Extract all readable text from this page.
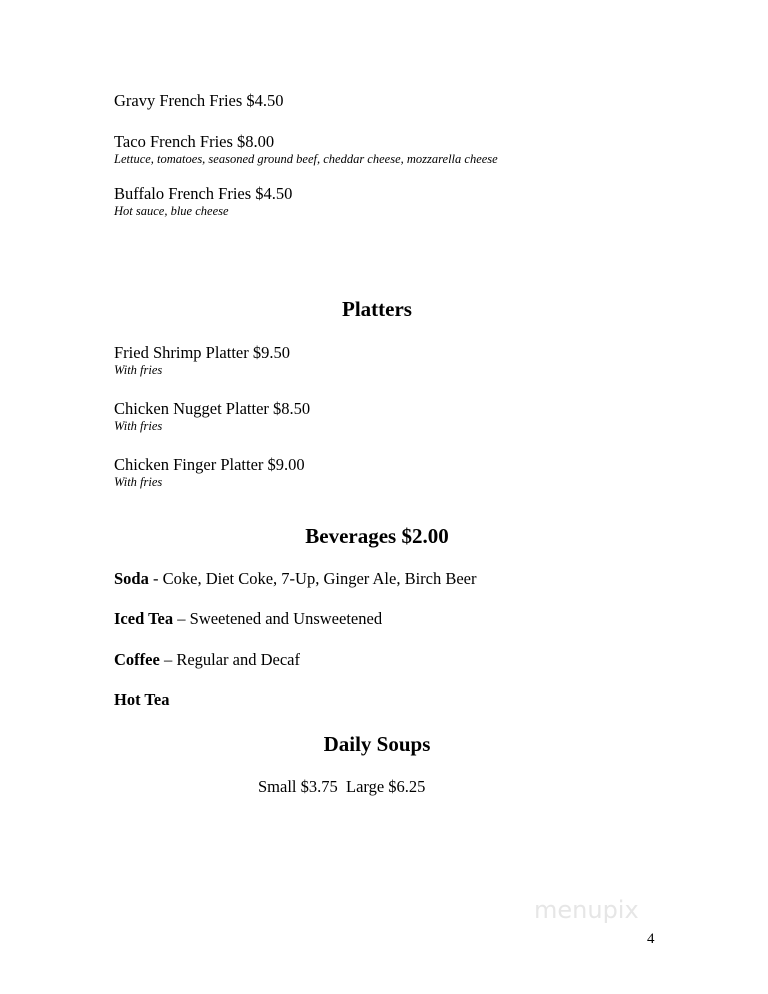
Gravy French Fries $4.50
Taco French Fries $8.00
Lettuce, tomatoes, seasoned ground beef, cheddar cheese, mozzarella cheese
Buffalo French Fries $4.50
Hot sauce, blue cheese
Platters
Fried Shrimp Platter $9.50
With fries
Chicken Nugget Platter $8.50
With fries
Chicken Finger Platter $9.00
With fries
Beverages $2.00
Soda - Coke, Diet Coke, 7-Up, Ginger Ale, Birch Beer
Iced Tea – Sweetened and Unsweetened
Coffee – Regular and Decaf
Hot Tea
Daily Soups
Small $3.75  Large $6.25
menupix
4
